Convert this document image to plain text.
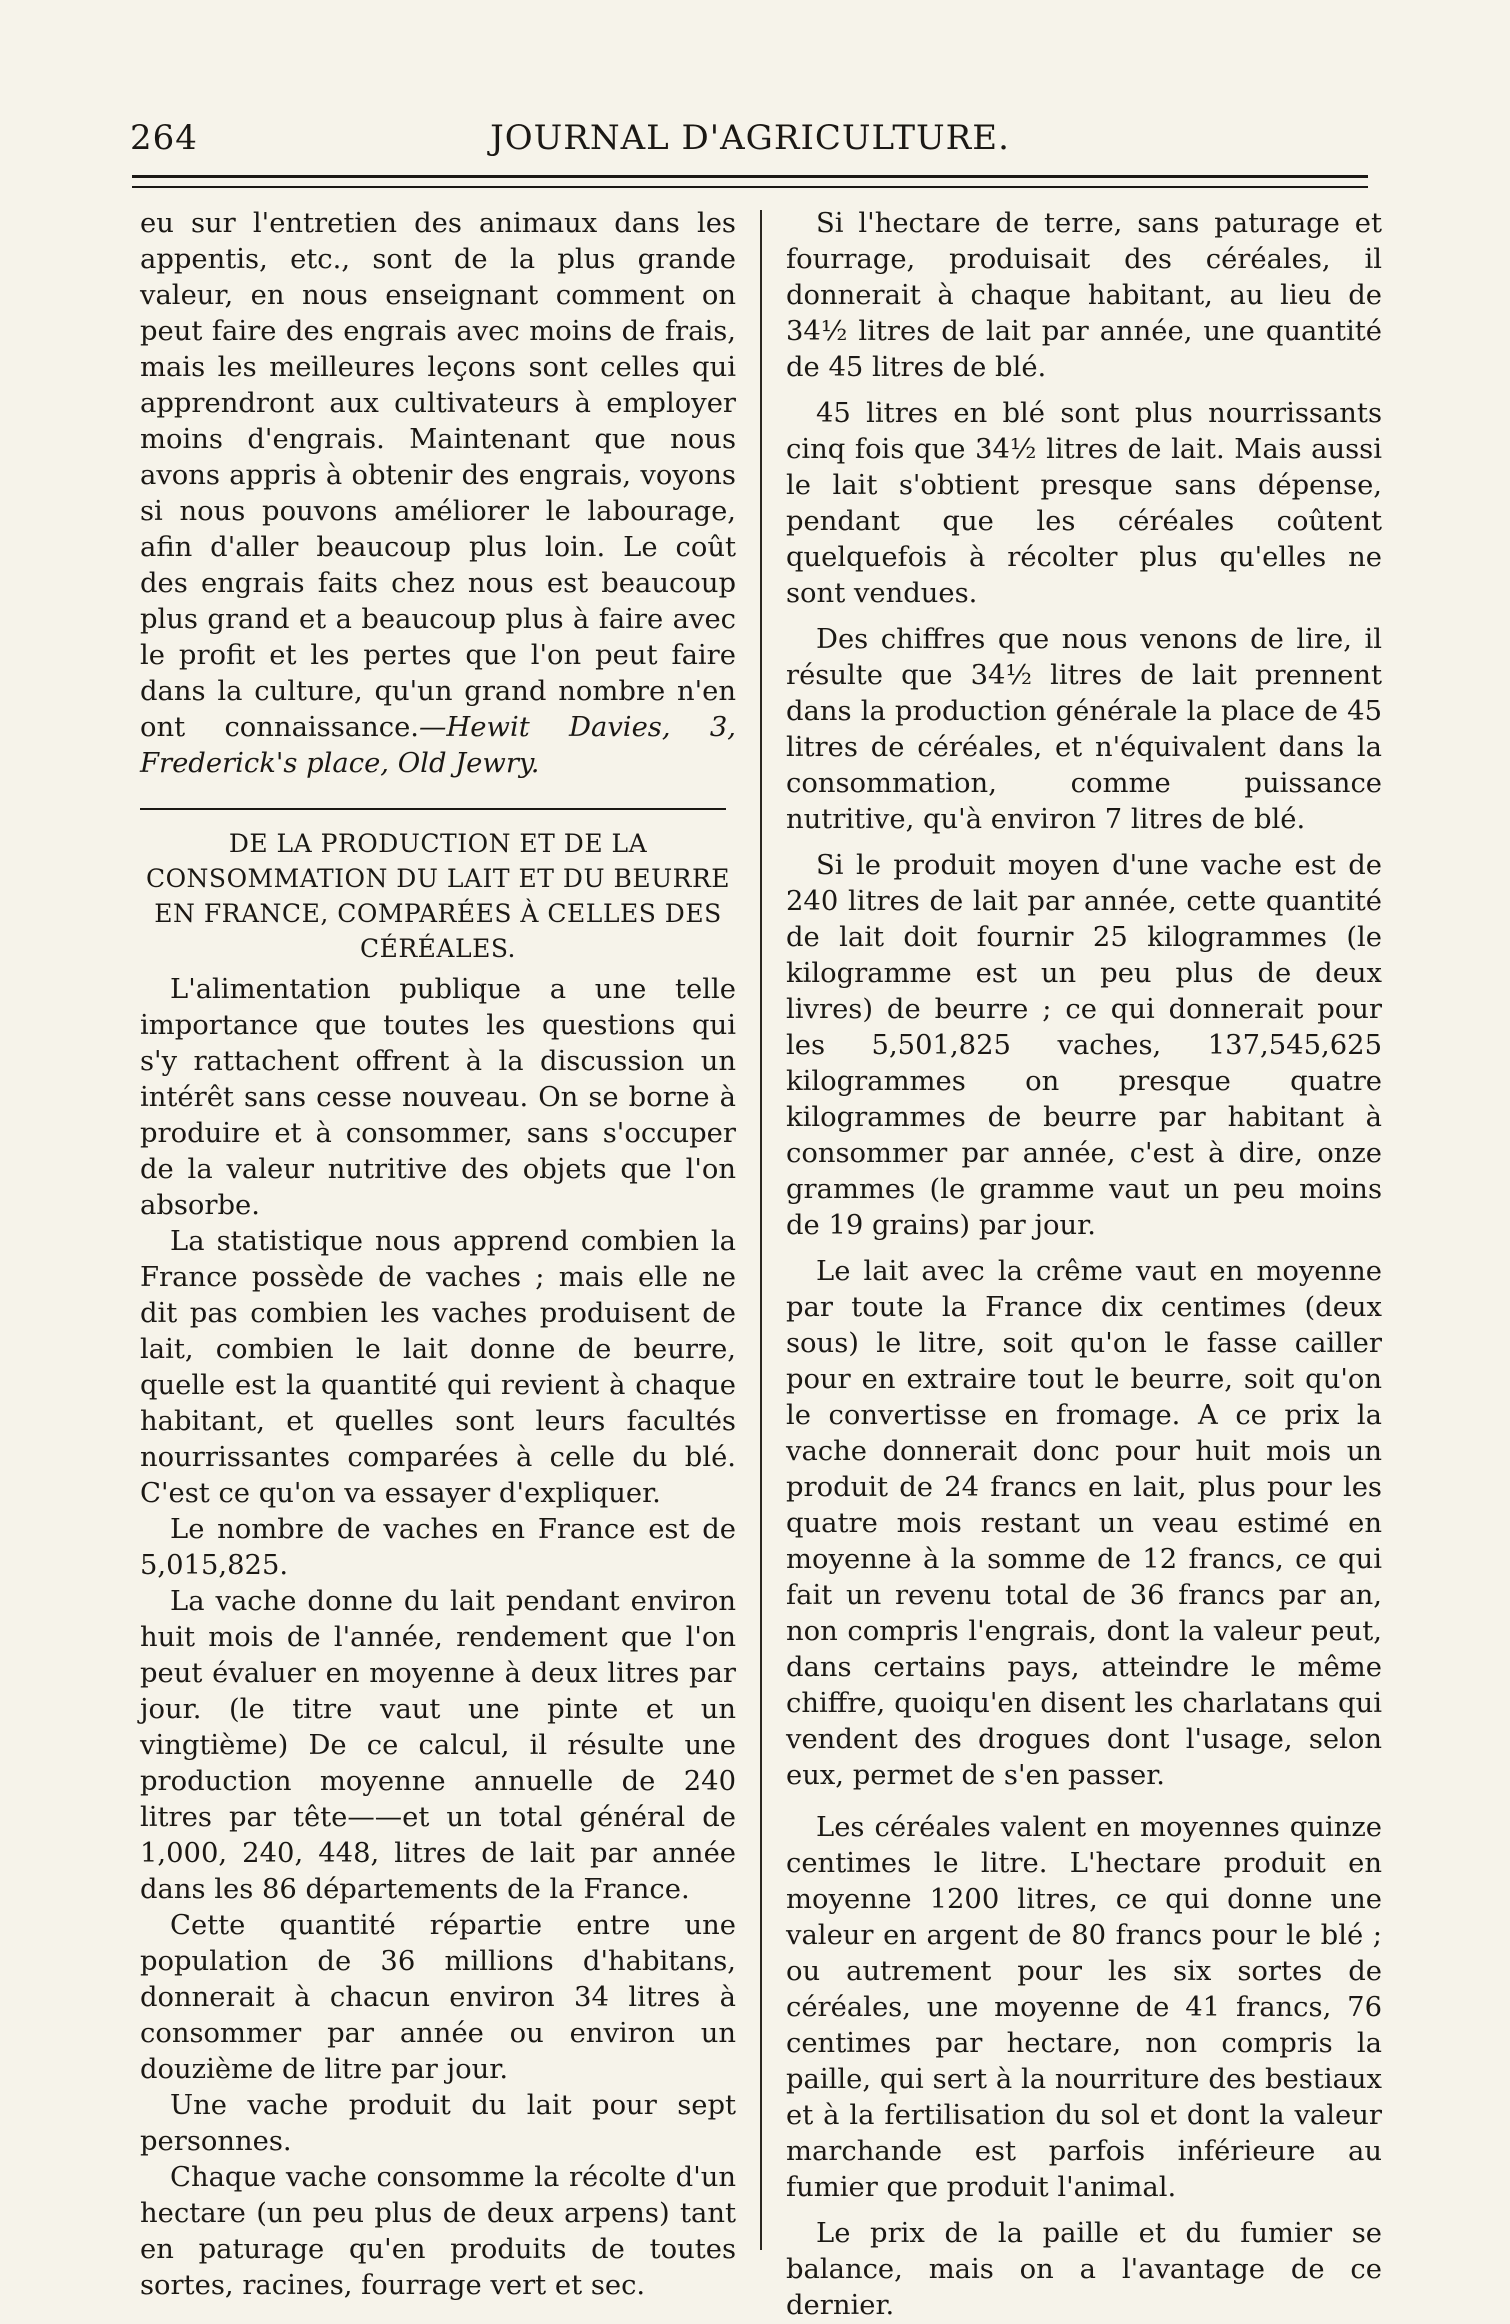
264	JOURNAL D'AGRICULTURE.

eu sur l'entretien des animaux dans les appentis, etc., sont de la plus grande valeur, en nous enseignant comment on peut faire des engrais avec moins de frais, mais les meilleures leçons sont celles qui apprendront aux cultivateurs à employer moins d'engrais. Maintenant que nous avons appris à obtenir des engrais, voyons si nous pouvons améliorer le labourage, afin d'aller beaucoup plus loin. Le coût des engrais faits chez nous est beaucoup plus grand et a beaucoup plus à faire avec le profit et les pertes que l'on peut faire dans la culture, qu'un grand nombre n'en ont connaissance.—Hewit Davies, 3, Frederick's place, Old Jewry.

DE LA PRODUCTION ET DE LA CONSOMMATION DU LAIT ET DU BEURRE EN FRANCE, COMPARÉES À CELLES DES CÉRÉALES.

L'alimentation publique a une telle importance que toutes les questions qui s'y rattachent offrent à la discussion un intérêt sans cesse nouveau. On se borne à produire et à consommer, sans s'occuper de la valeur nutritive des objets que l'on absorbe.

La statistique nous apprend combien la France possède de vaches ; mais elle ne dit pas combien les vaches produisent de lait, combien le lait donne de beurre, quelle est la quantité qui revient à chaque habitant, et quelles sont leurs facultés nourrissantes comparées à celle du blé. C'est ce qu'on va essayer d'expliquer.

Le nombre de vaches en France est de 5,015,825.

La vache donne du lait pendant environ huit mois de l'année, rendement que l'on peut évaluer en moyenne à deux litres par jour. (le titre vaut une pinte et un vingtième) De ce calcul, il résulte une production moyenne annuelle de 240 litres par tête——et un total général de 1,000, 240, 448, litres de lait par année dans les 86 départements de la France.

Cette quantité répartie entre une population de 36 millions d'habitans, donnerait à chacun environ 34 litres à consommer par année ou environ un douzième de litre par jour.

Une vache produit du lait pour sept personnes.

Chaque vache consomme la récolte d'un hectare (un peu plus de deux arpens) tant en paturage qu'en produits de toutes sortes, racines, fourrage vert et sec.

Si l'hectare de terre, sans paturage et fourrage, produisait des céréales, il donnerait à chaque habitant, au lieu de 34½ litres de lait par année, une quantité de 45 litres de blé.

45 litres en blé sont plus nourrissants cinq fois que 34½ litres de lait. Mais aussi le lait s'obtient presque sans dépense, pendant que les céréales coûtent quelquefois à récolter plus qu'elles ne sont vendues.

Des chiffres que nous venons de lire, il résulte que 34½ litres de lait prennent dans la production générale la place de 45 litres de céréales, et n'équivalent dans la consommation, comme puissance nutritive, qu'à environ 7 litres de blé.

Si le produit moyen d'une vache est de 240 litres de lait par année, cette quantité de lait doit fournir 25 kilogrammes (le kilogramme est un peu plus de deux livres) de beurre ; ce qui donnerait pour les 5,501,825 vaches, 137,545,625 kilogrammes on presque quatre kilogrammes de beurre par habitant à consommer par année, c'est à dire, onze grammes (le gramme vaut un peu moins de 19 grains) par jour.

Le lait avec la crême vaut en moyenne par toute la France dix centimes (deux sous) le litre, soit qu'on le fasse cailler pour en extraire tout le beurre, soit qu'on le convertisse en fromage. A ce prix la vache donnerait donc pour huit mois un produit de 24 francs en lait, plus pour les quatre mois restant un veau estimé en moyenne à la somme de 12 francs, ce qui fait un revenu total de 36 francs par an, non compris l'engrais, dont la valeur peut, dans certains pays, atteindre le même chiffre, quoiqu'en disent les charlatans qui vendent des drogues dont l'usage, selon eux, permet de s'en passer.

Les céréales valent en moyennes quinze centimes le litre. L'hectare produit en moyenne 1200 litres, ce qui donne une valeur en argent de 80 francs pour le blé ; ou autrement pour les six sortes de céréales, une moyenne de 41 francs, 76 centimes par hectare, non compris la paille, qui sert à la nourriture des bestiaux et à la fertilisation du sol et dont la valeur marchande est parfois inférieure au fumier que produit l'animal.

Le prix de la paille et du fumier se balance, mais on a l'avantage de ce dernier.
